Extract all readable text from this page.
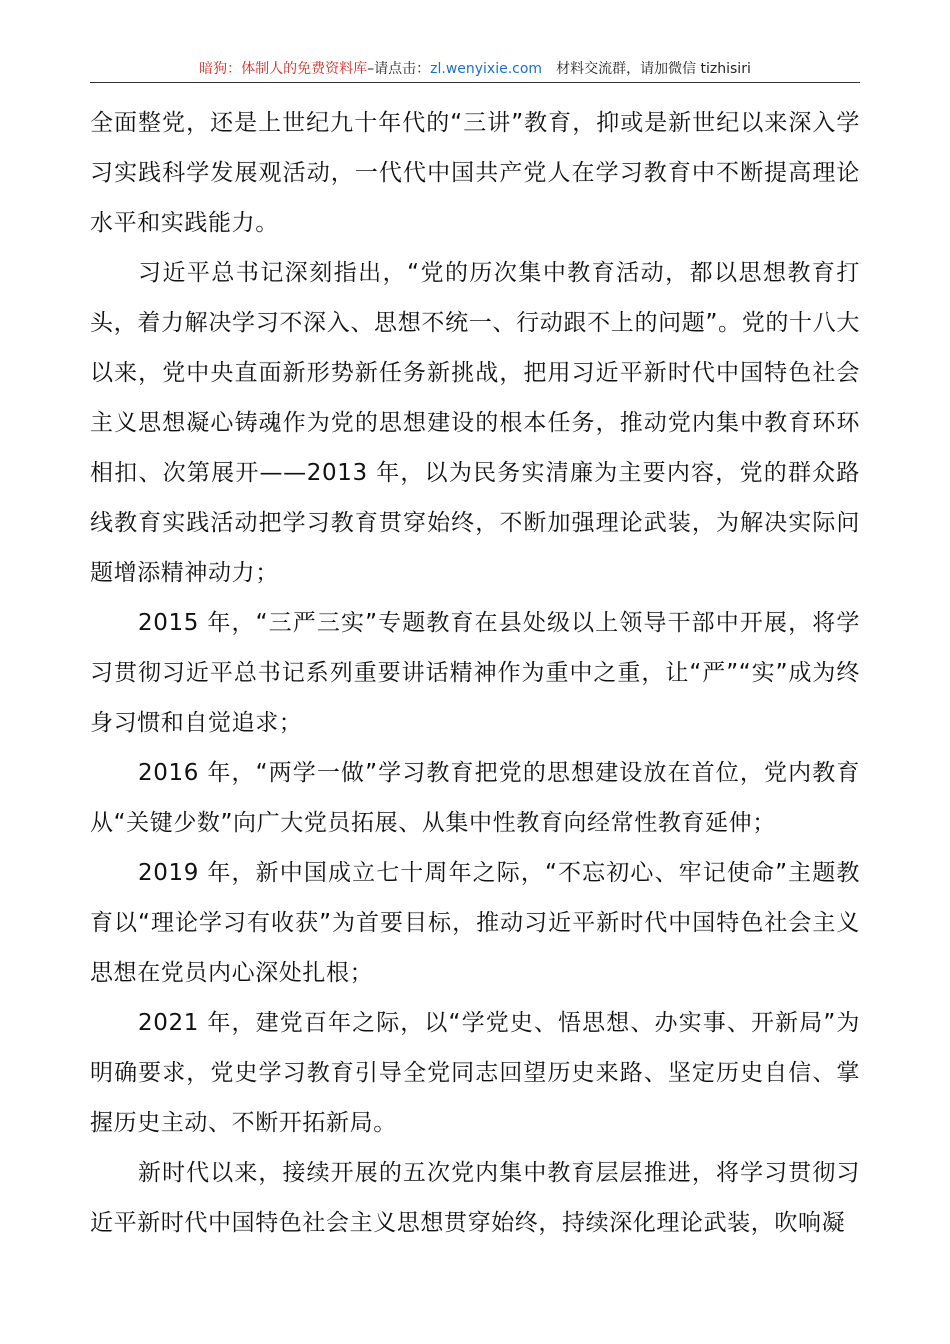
暗狗：体制人的免费资料库–请点击：zl.wenyixie.com 材料交流群，请加微信 tizhisiri

全面整党，还是上世纪九十年代的“三讲”教育，抑或是新世纪以来深入学习实践科学发展观活动，一代代中国共产党人在学习教育中不断提高理论水平和实践能力。

习近平总书记深刻指出，“党的历次集中教育活动，都以思想教育打头，着力解决学习不深入、思想不统一、行动跟不上的问题”。党的十八大以来，党中央直面新形势新任务新挑战，把用习近平新时代中国特色社会主义思想凝心铸魂作为党的思想建设的根本任务，推动党内集中教育环环相扣、次第展开——2013 年，以为民务实清廉为主要内容，党的群众路线教育实践活动把学习教育贯穿始终，不断加强理论武装，为解决实际问题增添精神动力；

2015 年，“三严三实”专题教育在县处级以上领导干部中开展，将学习贯彻习近平总书记系列重要讲话精神作为重中之重，让“严”“实”成为终身习惯和自觉追求；

2016 年，“两学一做”学习教育把党的思想建设放在首位，党内教育从“关键少数”向广大党员拓展、从集中性教育向经常性教育延伸；

2019 年，新中国成立七十周年之际，“不忘初心、牢记使命”主题教育以“理论学习有收获”为首要目标，推动习近平新时代中国特色社会主义思想在党员内心深处扎根；

2021 年，建党百年之际，以“学党史、悟思想、办实事、开新局”为明确要求，党史学习教育引导全党同志回望历史来路、坚定历史自信、掌握历史主动、不断开拓新局。

新时代以来，接续开展的五次党内集中教育层层推进，将学习贯彻习近平新时代中国特色社会主义思想贯穿始终，持续深化理论武装，吹响凝
